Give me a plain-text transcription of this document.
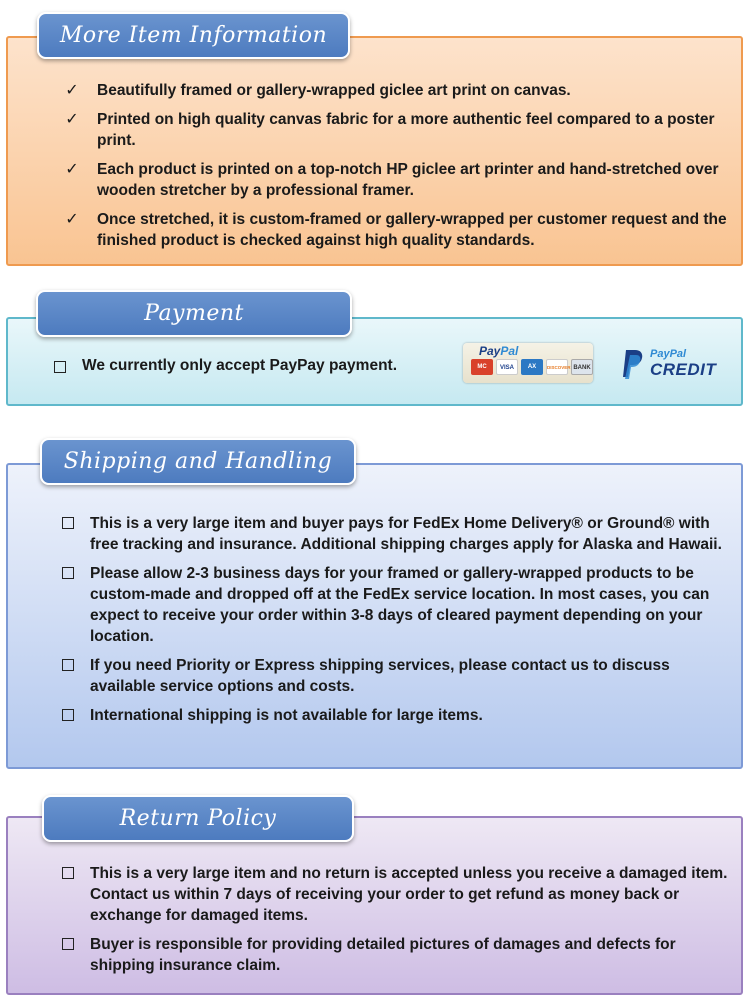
✓ Beautifully framed or gallery-wrapped giclee art print on canvas.
✓ Printed on high quality canvas fabric for a more authentic feel compared to a poster print.
✓ Each product is printed on a top-notch HP giclee art printer and hand-stretched over wooden stretcher by a professional framer.
✓ Once stretched, it is custom-framed or gallery-wrapped per customer request and the finished product is checked against high quality standards.
More Item Information
We currently only accept PayPay payment.
PayPal
MC	VISA	AX	DISCOVER BANK
PayPal
CREDIT
Payment
This is a very large item and buyer pays for FedEx Home Delivery® or Ground® with free tracking and insurance. Additional shipping charges apply for Alaska and Hawaii.
Please allow 2-3 business days for your framed or gallery-wrapped products to be custom-made and dropped off at the FedEx service location. In most cases, you can expect to receive your order within 3-8 days of cleared payment depending on your location.
If you need Priority or Express shipping services, please contact us to discuss available service options and costs.
International shipping is not available for large items.
Shipping and Handling
This is a very large item and no return is accepted unless you receive a damaged item. Contact us within 7 days of receiving your order to get refund as money back or exchange for damaged items.
Buyer is responsible for providing detailed pictures of damages and defects for shipping insurance claim.
Return Policy
